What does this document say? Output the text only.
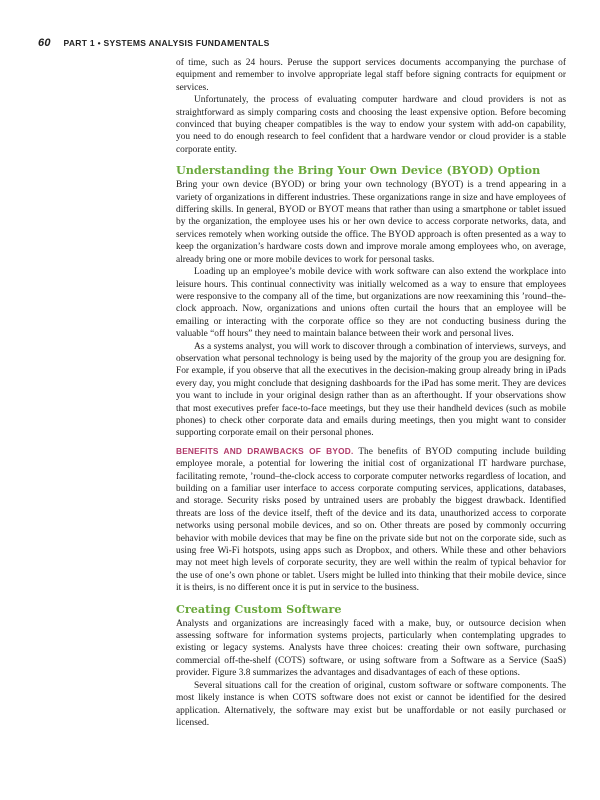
60 PART 1 • SYSTEMS ANALYSIS FUNDAMENTALS

of time, such as 24 hours. Peruse the support services documents accompanying the purchase of equipment and remember to involve appropriate legal staff before signing contracts for equipment or services.

Unfortunately, the process of evaluating computer hardware and cloud providers is not as straightforward as simply comparing costs and choosing the least expensive option. Before becoming convinced that buying cheaper compatibles is the way to endow your system with add-on capability, you need to do enough research to feel confident that a hardware vendor or cloud provider is a stable corporate entity.

Understanding the Bring Your Own Device (BYOD) Option

Bring your own device (BYOD) or bring your own technology (BYOT) is a trend appearing in a variety of organizations in different industries. These organizations range in size and have employees of differing skills. In general, BYOD or BYOT means that rather than using a smartphone or tablet issued by the organization, the employee uses his or her own device to access corporate networks, data, and services remotely when working outside the office. The BYOD approach is often presented as a way to keep the organization’s hardware costs down and improve morale among employees who, on average, already bring one or more mobile devices to work for personal tasks.

Loading up an employee’s mobile device with work software can also extend the workplace into leisure hours. This continual connectivity was initially welcomed as a way to ensure that employees were responsive to the company all of the time, but organizations are now reexamining this ’round–the-clock approach. Now, organizations and unions often curtail the hours that an employee will be emailing or interacting with the corporate office so they are not conducting business during the valuable “off hours” they need to maintain balance between their work and personal lives.

As a systems analyst, you will work to discover through a combination of interviews, surveys, and observation what personal technology is being used by the majority of the group you are designing for. For example, if you observe that all the executives in the decision-making group already bring in iPads every day, you might conclude that designing dashboards for the iPad has some merit. They are devices you want to include in your original design rather than as an afterthought. If your observations show that most executives prefer face-to-face meetings, but they use their handheld devices (such as mobile phones) to check other corporate data and emails during meetings, then you might want to consider supporting corporate email on their personal phones.

BENEFITS AND DRAWBACKS OF BYOD. The benefits of BYOD computing include building employee morale, a potential for lowering the initial cost of organizational IT hardware purchase, facilitating remote, ’round–the-clock access to corporate computer networks regardless of location, and building on a familiar user interface to access corporate computing services, applications, databases, and storage. Security risks posed by untrained users are probably the biggest drawback. Identified threats are loss of the device itself, theft of the device and its data, unauthorized access to corporate networks using personal mobile devices, and so on. Other threats are posed by commonly occurring behavior with mobile devices that may be fine on the private side but not on the corporate side, such as using free Wi-Fi hotspots, using apps such as Dropbox, and others. While these and other behaviors may not meet high levels of corporate security, they are well within the realm of typical behavior for the use of one’s own phone or tablet. Users might be lulled into thinking that their mobile device, since it is theirs, is no different once it is put in service to the business.

Creating Custom Software

Analysts and organizations are increasingly faced with a make, buy, or outsource decision when assessing software for information systems projects, particularly when contemplating upgrades to existing or legacy systems. Analysts have three choices: creating their own software, purchasing commercial off-the-shelf (COTS) software, or using software from a Software as a Service (SaaS) provider. Figure 3.8 summarizes the advantages and disadvantages of each of these options.

Several situations call for the creation of original, custom software or software components. The most likely instance is when COTS software does not exist or cannot be identified for the desired application. Alternatively, the software may exist but be unaffordable or not easily purchased or licensed.
